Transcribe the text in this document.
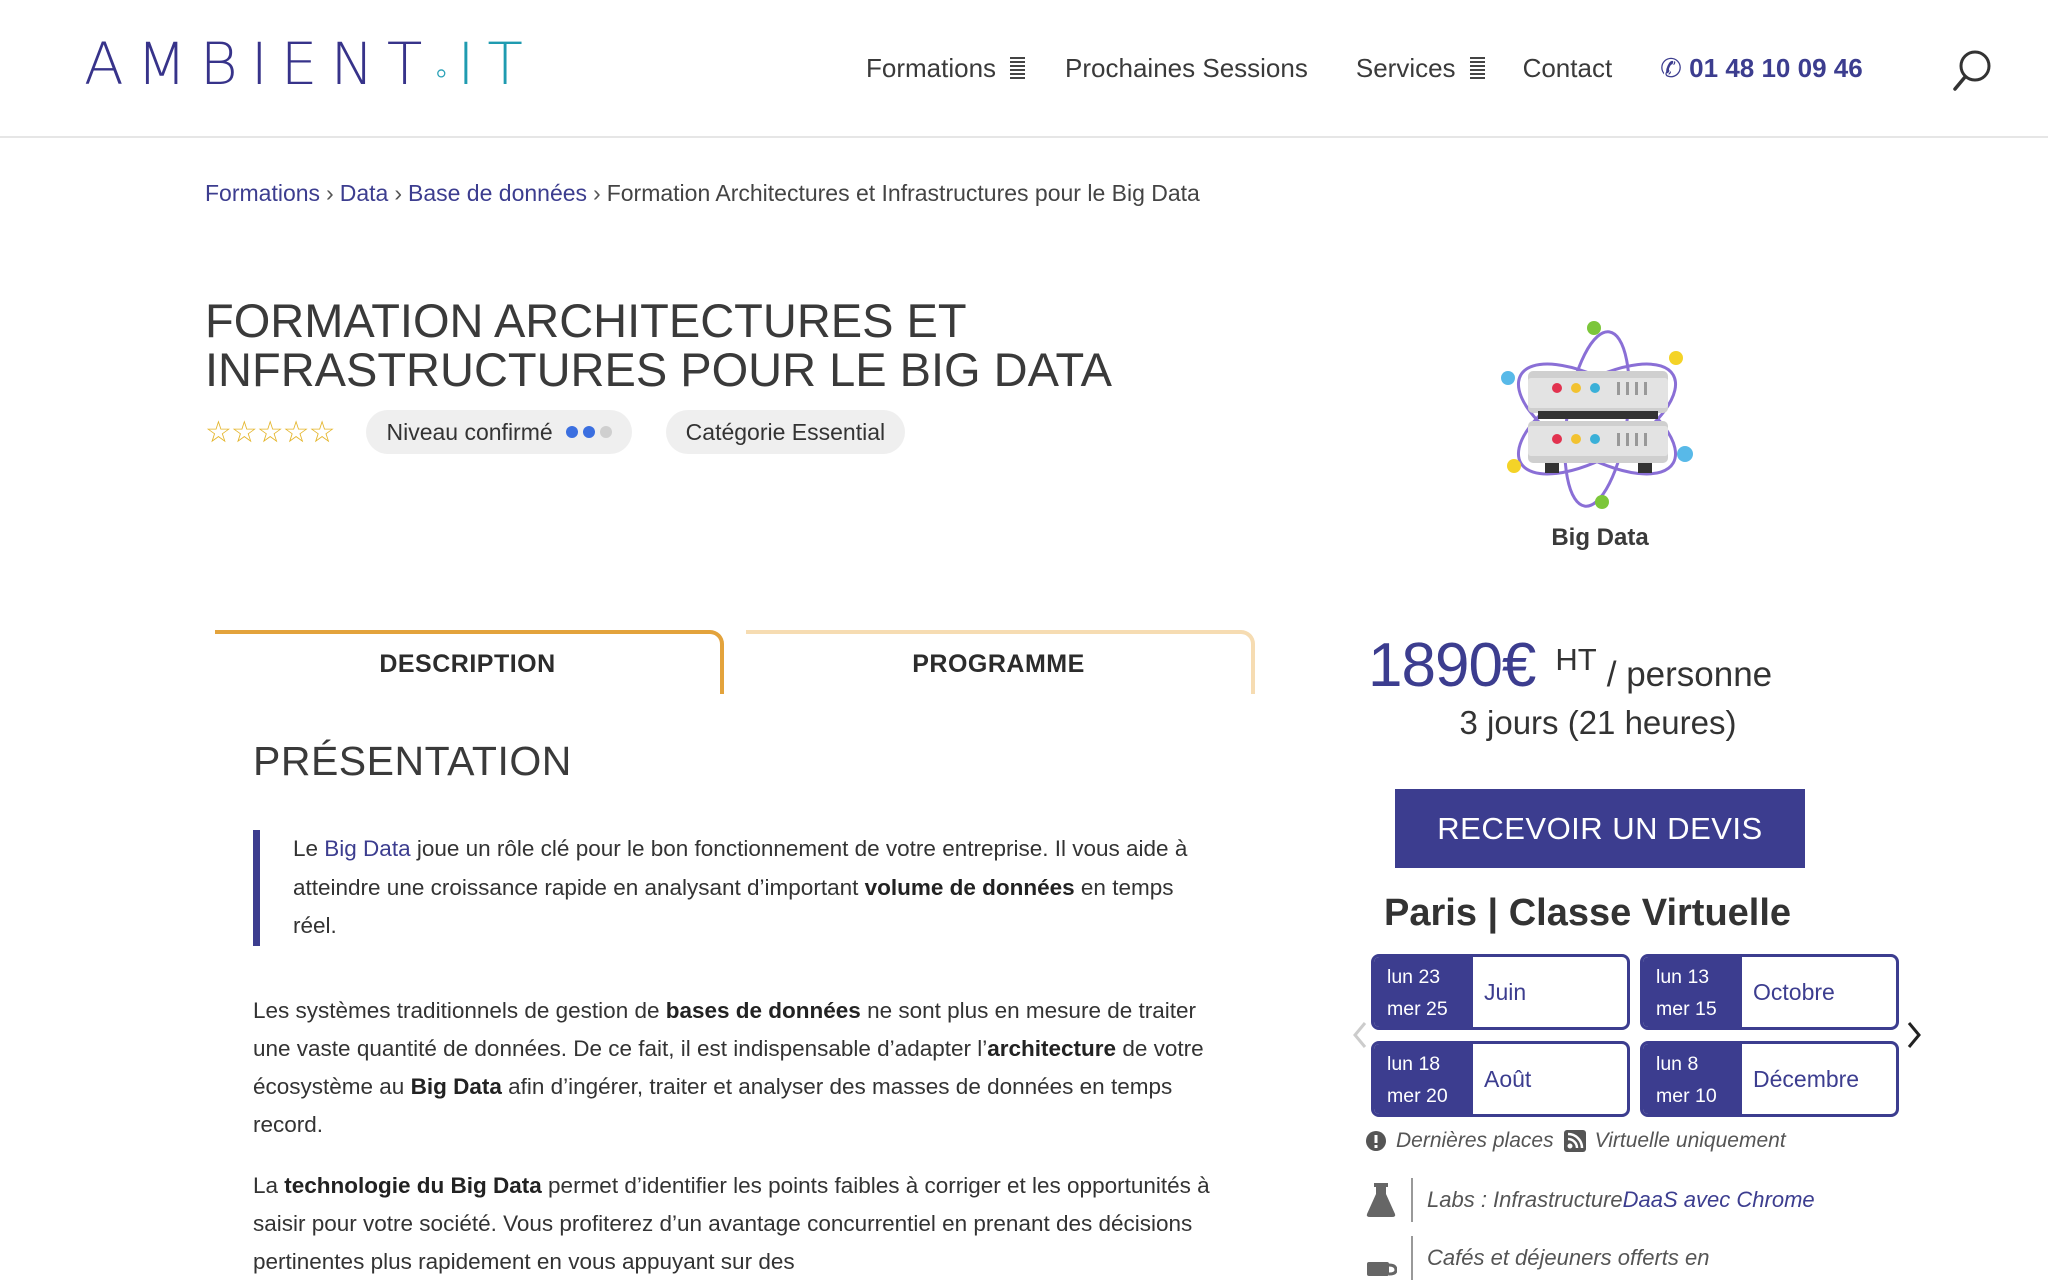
AMBIENT◦IT	Formations	Prochaines Sessions Services	Contact ✆ 01 48 10 09 46
Formations › Data › Base de données › Formation Architectures et Infrastructures pour le Big Data
FORMATION ARCHITECTURES ET
INFRASTRUCTURES POUR LE BIG DATA
☆☆☆☆☆ Niveau confirmé	Catégorie Essential
Big Data
DESCRIPTION	PROGRAMME
PRÉSENTATION
Le Big Data joue un rôle clé pour le bon fonctionnement de votre entreprise. Il vous aide à atteindre une croissance rapide en analysant d’important volume de données en temps réel.

Les systèmes traditionnels de gestion de bases de données ne sont plus en mesure de traiter une vaste quantité de données. De ce fait, il est indispensable d’adapter l’architecture de votre écosystème au Big Data afin d’ingérer, traiter et analyser des masses de données en temps record.

La technologie du Big Data permet d’identifier les points faibles à corriger et les opportunités à saisir pour votre société. Vous profiterez d’un avantage concurrentiel en prenant des décisions pertinentes plus rapidement en vous appuyant sur des

1890€ HT / personne
3 jours (21 heures)
RECEVOIR UN DEVIS
Paris | Classe Virtuelle
lun 23
mer 25
Juin
lun 13
mer 15
Octobre
lun 18
mer 20
Août
lun 8
mer 10
Décembre
Dernières places Virtuelle uniquement
Labs : Infrastructure DaaS avec Chrome
Cafés et déjeuners offerts en
